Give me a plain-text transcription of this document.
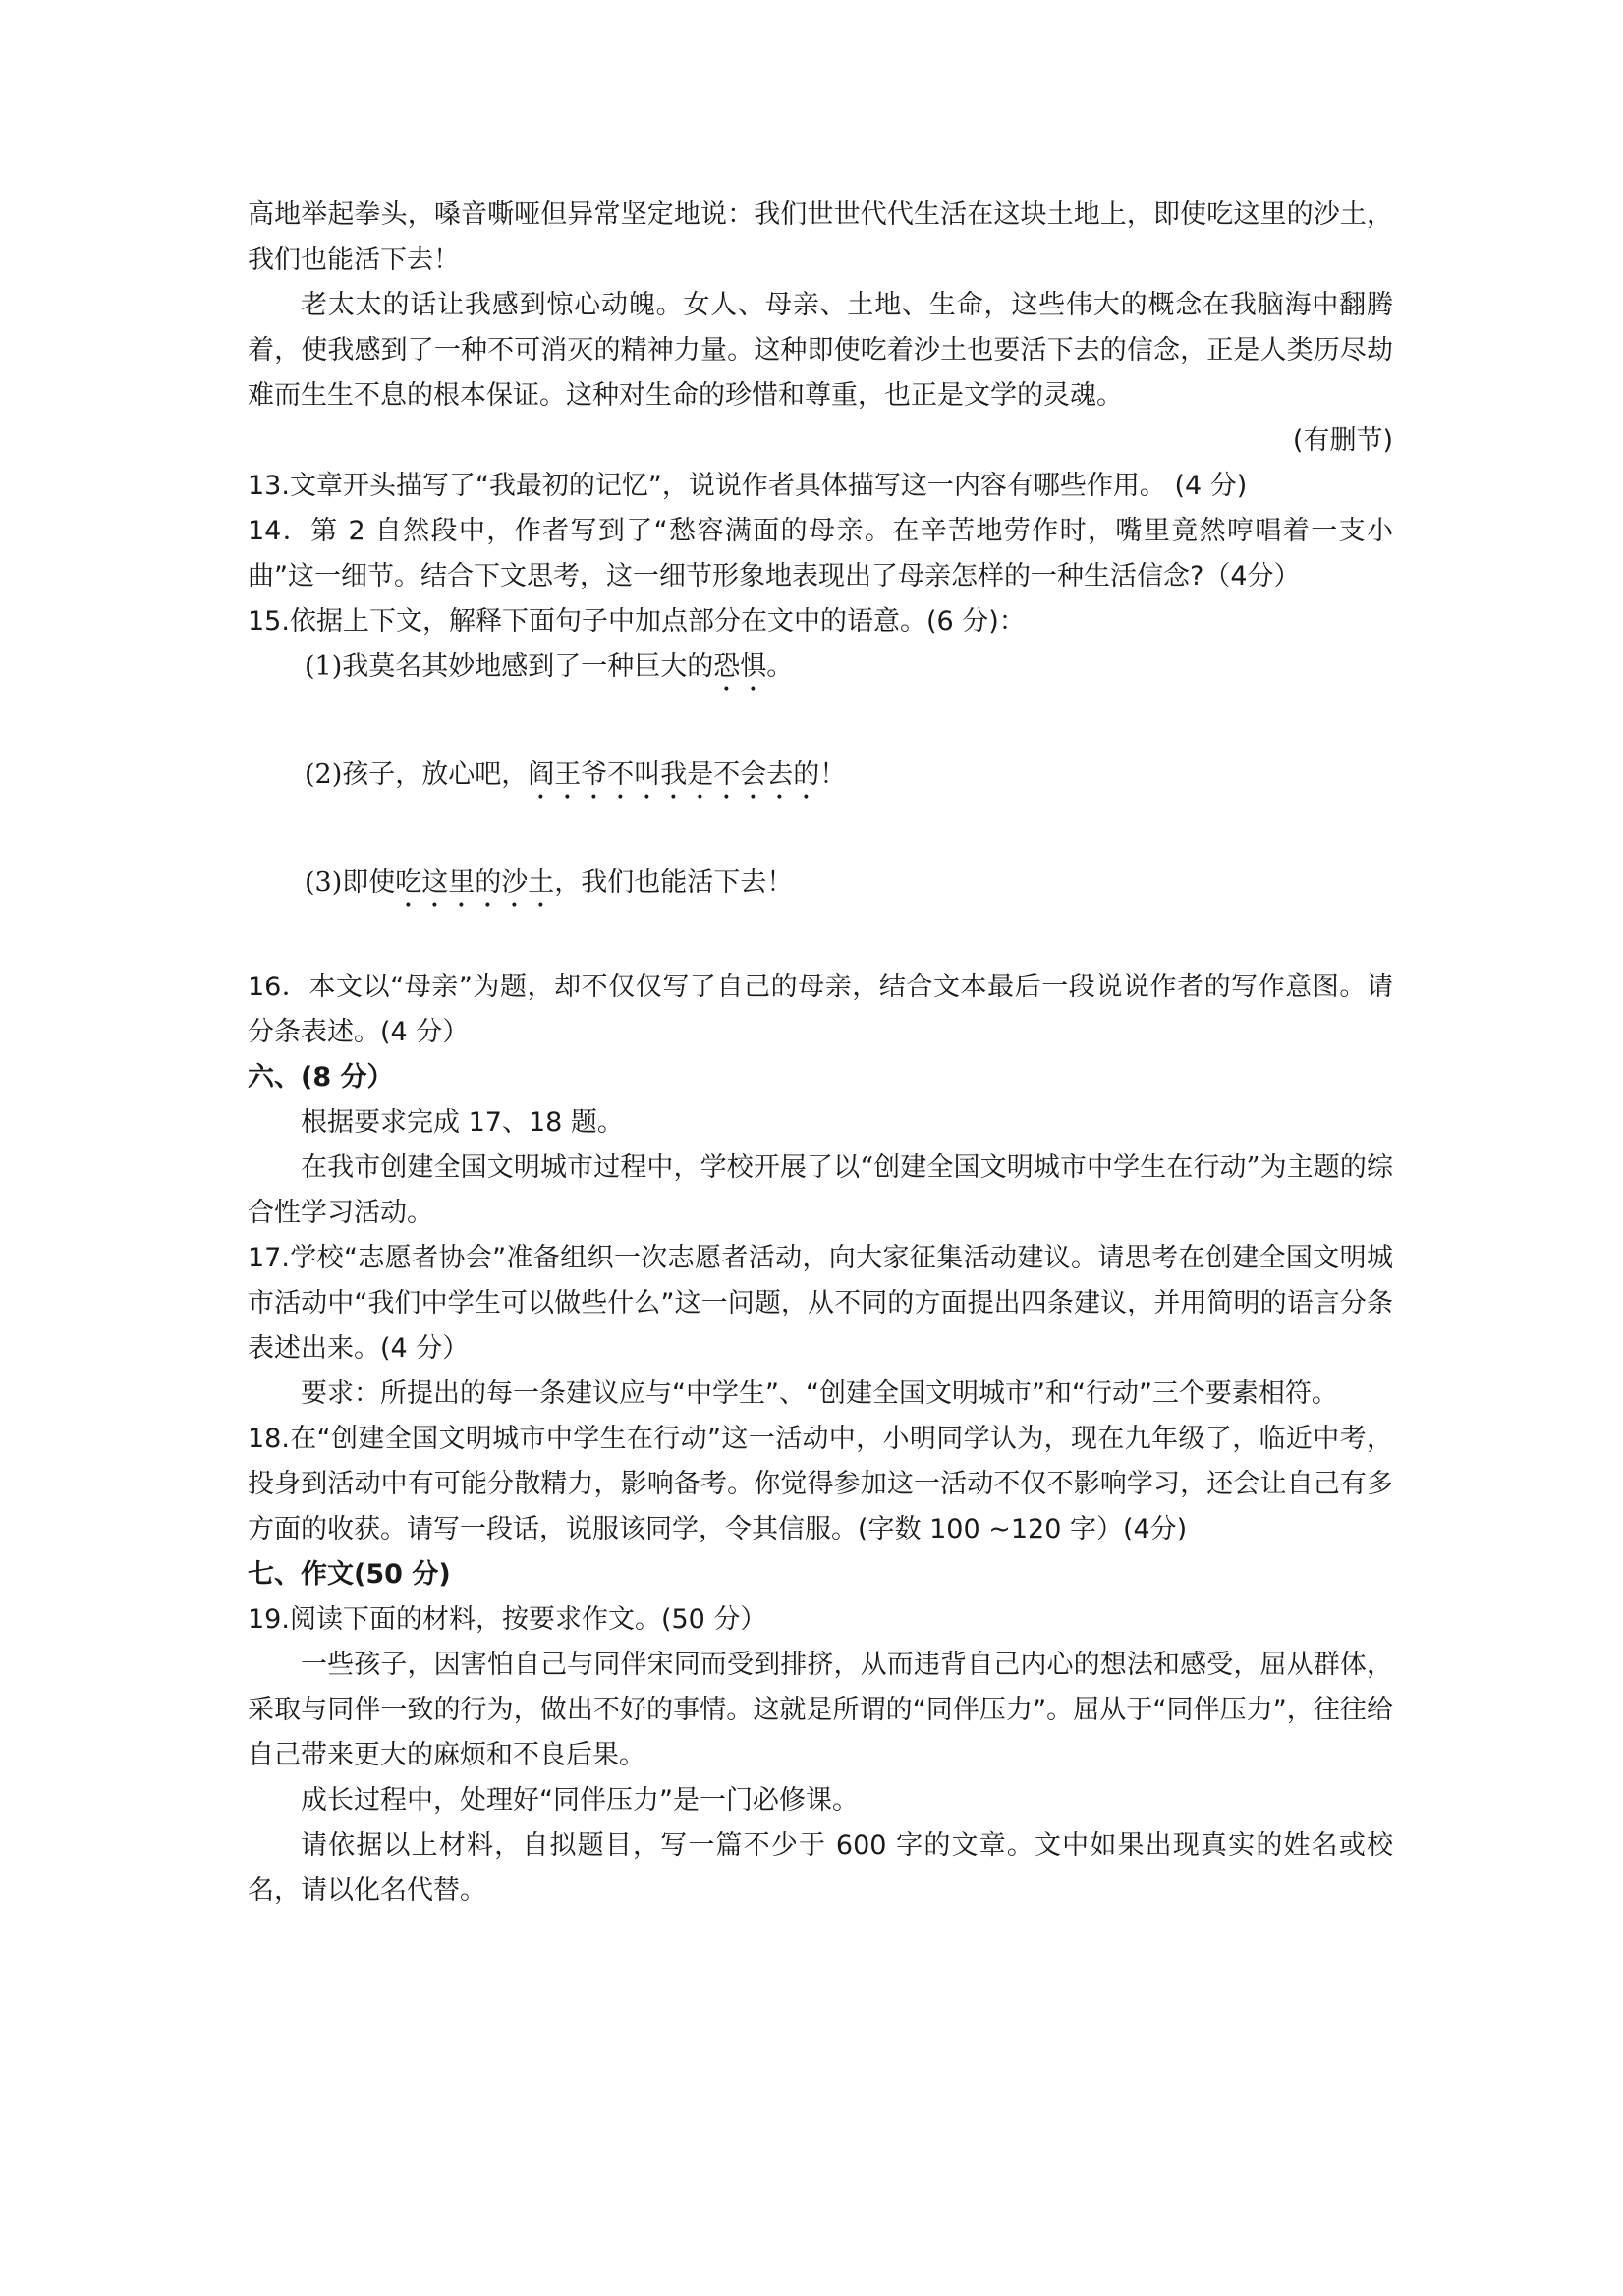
高地举起拳头，嗓音嘶哑但异常坚定地说：我们世世代代生活在这块土地上，即使吃这里的沙土，我们也能活下去！

老太太的话让我感到惊心动魄。女人、母亲、土地、生命，这些伟大的概念在我脑海中翻腾着，使我感到了一种不可消灭的精神力量。这种即使吃着沙土也要活下去的信念，正是人类历尽劫难而生生不息的根本保证。这种对生命的珍惜和尊重，也正是文学的灵魂。

(有删节)

13.文章开头描写了“我最初的记忆”，说说作者具体描写这一内容有哪些作用。 (4 分)

14．第 2 自然段中，作者写到了“愁容满面的母亲。在辛苦地劳作时，嘴里竟然哼唱着一支小曲”这一细节。结合下文思考，这一细节形象地表现出了母亲怎样的一种生活信念?（4分）

15.依据上下文，解释下面句子中加点部分在文中的语意。(6 分)：

(1)我莫名其妙地感到了一种巨大的恐惧。

(2)孩子，放心吧，阎王爷不叫我是不会去的！

(3)即使吃这里的沙土，我们也能活下去！

16．本文以“母亲”为题，却不仅仅写了自己的母亲，结合文本最后一段说说作者的写作意图。请分条表述。(4 分）

六、(8 分）

根据要求完成 17、18 题。

在我市创建全国文明城市过程中，学校开展了以“创建全国文明城市中学生在行动”为主题的综合性学习活动。

17.学校“志愿者协会”准备组织一次志愿者活动，向大家征集活动建议。请思考在创建全国文明城市活动中“我们中学生可以做些什么”这一问题，从不同的方面提出四条建议，并用简明的语言分条表述出来。(4 分）

要求：所提出的每一条建议应与“中学生”、“创建全国文明城市”和“行动”三个要素相符。

18.在“创建全国文明城市中学生在行动”这一活动中，小明同学认为，现在九年级了，临近中考，投身到活动中有可能分散精力，影响备考。你觉得参加这一活动不仅不影响学习，还会让自己有多方面的收获。请写一段话，说服该同学，令其信服。(字数 100 ~120 字）(4分)

七、作文(50 分)

19.阅读下面的材料，按要求作文。(50 分）

一些孩子，因害怕自己与同伴宋同而受到排挤，从而违背自己内心的想法和感受，屈从群体，采取与同伴一致的行为，做出不好的事情。这就是所谓的“同伴压力”。屈从于“同伴压力”，往往给自己带来更大的麻烦和不良后果。

成长过程中，处理好“同伴压力”是一门必修课。

请依据以上材料，自拟题目，写一篇不少于 600 字的文章。文中如果出现真实的姓名或校名，请以化名代替。
